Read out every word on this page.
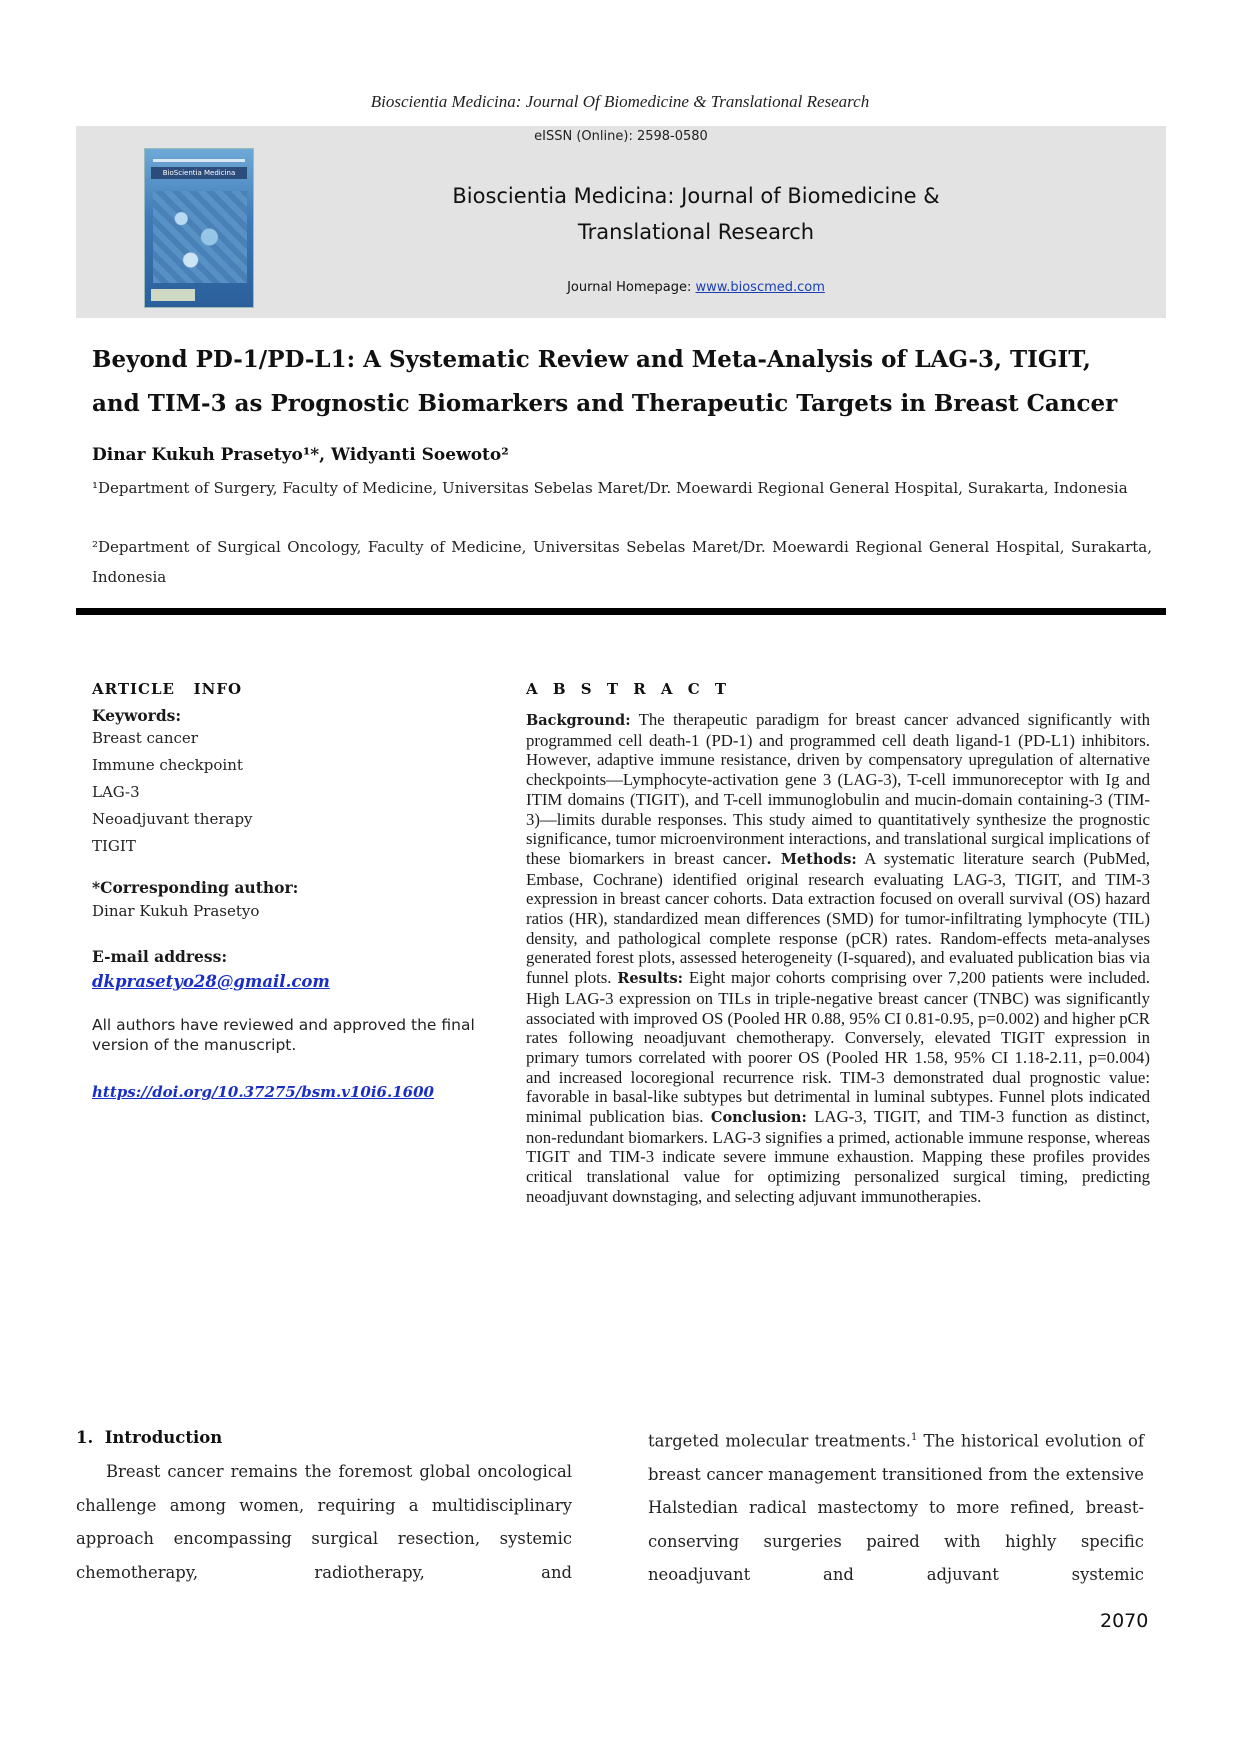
Bioscientia Medicina: Journal Of Biomedicine & Translational Research
BioScientia Medicina
eISSN (Online): 2598-0580
Bioscientia Medicina: Journal of Biomedicine &
Translational Research
Journal Homepage: www.bioscmed.com
Beyond PD-1/PD-L1: A Systematic Review and Meta-Analysis of LAG-3, TIGIT,
and TIM-3 as Prognostic Biomarkers and Therapeutic Targets in Breast Cancer
Dinar Kukuh Prasetyo¹*, Widyanti Soewoto²
¹Department of Surgery, Faculty of Medicine, Universitas Sebelas Maret/Dr. Moewardi Regional General Hospital, Surakarta, Indonesia
²Department of Surgical Oncology, Faculty of Medicine, Universitas Sebelas Maret/Dr. Moewardi Regional General Hospital, Surakarta, Indonesia
ARTICLE   INFO
Keywords:
Breast cancer
Immune checkpoint
LAG-3
Neoadjuvant therapy
TIGIT
*Corresponding author:
Dinar Kukuh Prasetyo
E-mail address:
dkprasetyo28@gmail.com
All authors have reviewed and approved the final version of the manuscript.
https://doi.org/10.37275/bsm.v10i6.1600
A B S T R A C T
Background: The therapeutic paradigm for breast cancer advanced significantly with programmed cell death-1 (PD-1) and programmed cell death ligand-1 (PD-L1) inhibitors. However, adaptive immune resistance, driven by compensatory upregulation of alternative checkpoints—Lymphocyte-activation gene 3 (LAG-3), T-cell immunoreceptor with Ig and ITIM domains (TIGIT), and T-cell immunoglobulin and mucin-domain containing-3 (TIM-3)—limits durable responses. This study aimed to quantitatively synthesize the prognostic significance, tumor microenvironment interactions, and translational surgical implications of these biomarkers in breast cancer. Methods: A systematic literature search (PubMed, Embase, Cochrane) identified original research evaluating LAG-3, TIGIT, and TIM-3 expression in breast cancer cohorts. Data extraction focused on overall survival (OS) hazard ratios (HR), standardized mean differences (SMD) for tumor-infiltrating lymphocyte (TIL) density, and pathological complete response (pCR) rates. Random-effects meta-analyses generated forest plots, assessed heterogeneity (I-squared), and evaluated publication bias via funnel plots. Results: Eight major cohorts comprising over 7,200 patients were included. High LAG-3 expression on TILs in triple-negative breast cancer (TNBC) was significantly associated with improved OS (Pooled HR 0.88, 95% CI 0.81-0.95, p=0.002) and higher pCR rates following neoadjuvant chemotherapy. Conversely, elevated TIGIT expression in primary tumors correlated with poorer OS (Pooled HR 1.58, 95% CI 1.18-2.11, p=0.004) and increased locoregional recurrence risk. TIM-3 demonstrated dual prognostic value: favorable in basal-like subtypes but detrimental in luminal subtypes. Funnel plots indicated minimal publication bias. Conclusion: LAG-3, TIGIT, and TIM-3 function as distinct, non-redundant biomarkers. LAG-3 signifies a primed, actionable immune response, whereas TIGIT and TIM-3 indicate severe immune exhaustion. Mapping these profiles provides critical translational value for optimizing personalized surgical timing, predicting neoadjuvant downstaging, and selecting adjuvant immunotherapies.
1.  Introduction
Breast cancer remains the foremost global oncological challenge among women, requiring a multidisciplinary approach encompassing surgical resection, systemic chemotherapy, radiotherapy, and
targeted molecular treatments.$^1$ The historical evolution of breast cancer management transitioned from the extensive Halstedian radical mastectomy to more refined, breast-conserving surgeries paired with highly specific neoadjuvant and adjuvant systemic
2070
